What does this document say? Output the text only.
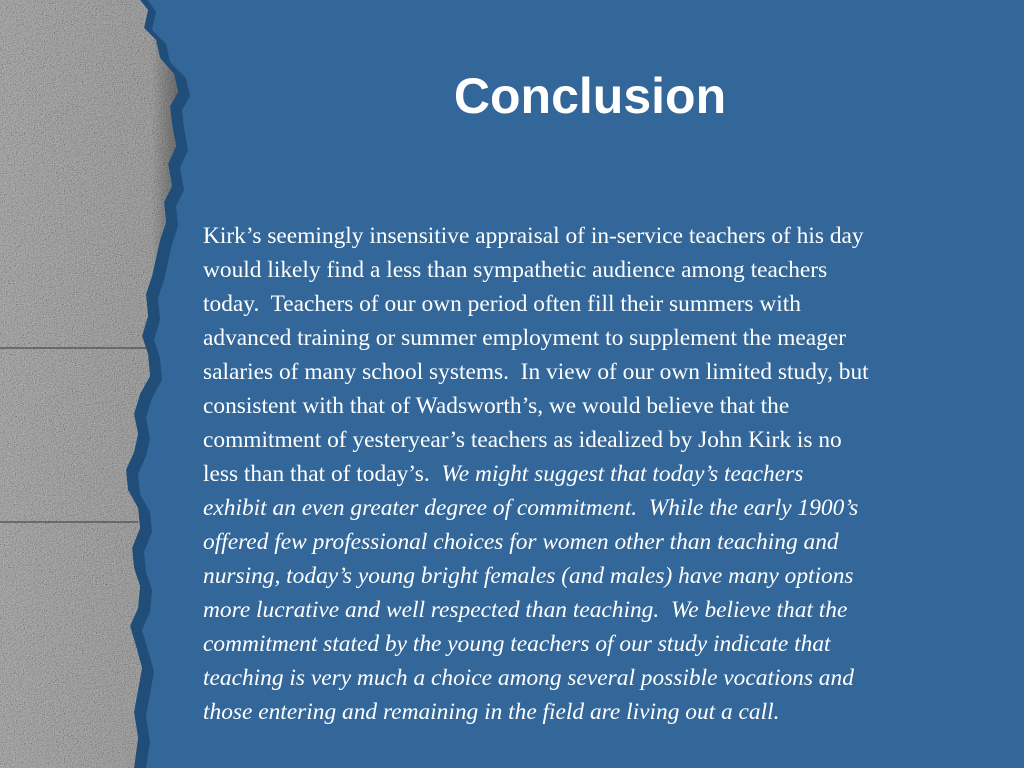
Conclusion

Kirk’s seemingly insensitive appraisal of in-service teachers of his day

would likely find a less than sympathetic audience among teachers

today.  Teachers of our own period often fill their summers with

advanced training or summer employment to supplement the meager

salaries of many school systems.  In view of our own limited study, but

consistent with that of Wadsworth’s, we would believe that the

commitment of yesteryear’s teachers as idealized by John Kirk is no

less than that of today’s.  We might suggest that today’s teachers

exhibit an even greater degree of commitment.  While the early 1900’s

offered few professional choices for women other than teaching and

nursing, today’s young bright females (and males) have many options

more lucrative and well respected than teaching.  We believe that the

commitment stated by the young teachers of our study indicate that

teaching is very much a choice among several possible vocations and

those entering and remaining in the field are living out a call.
